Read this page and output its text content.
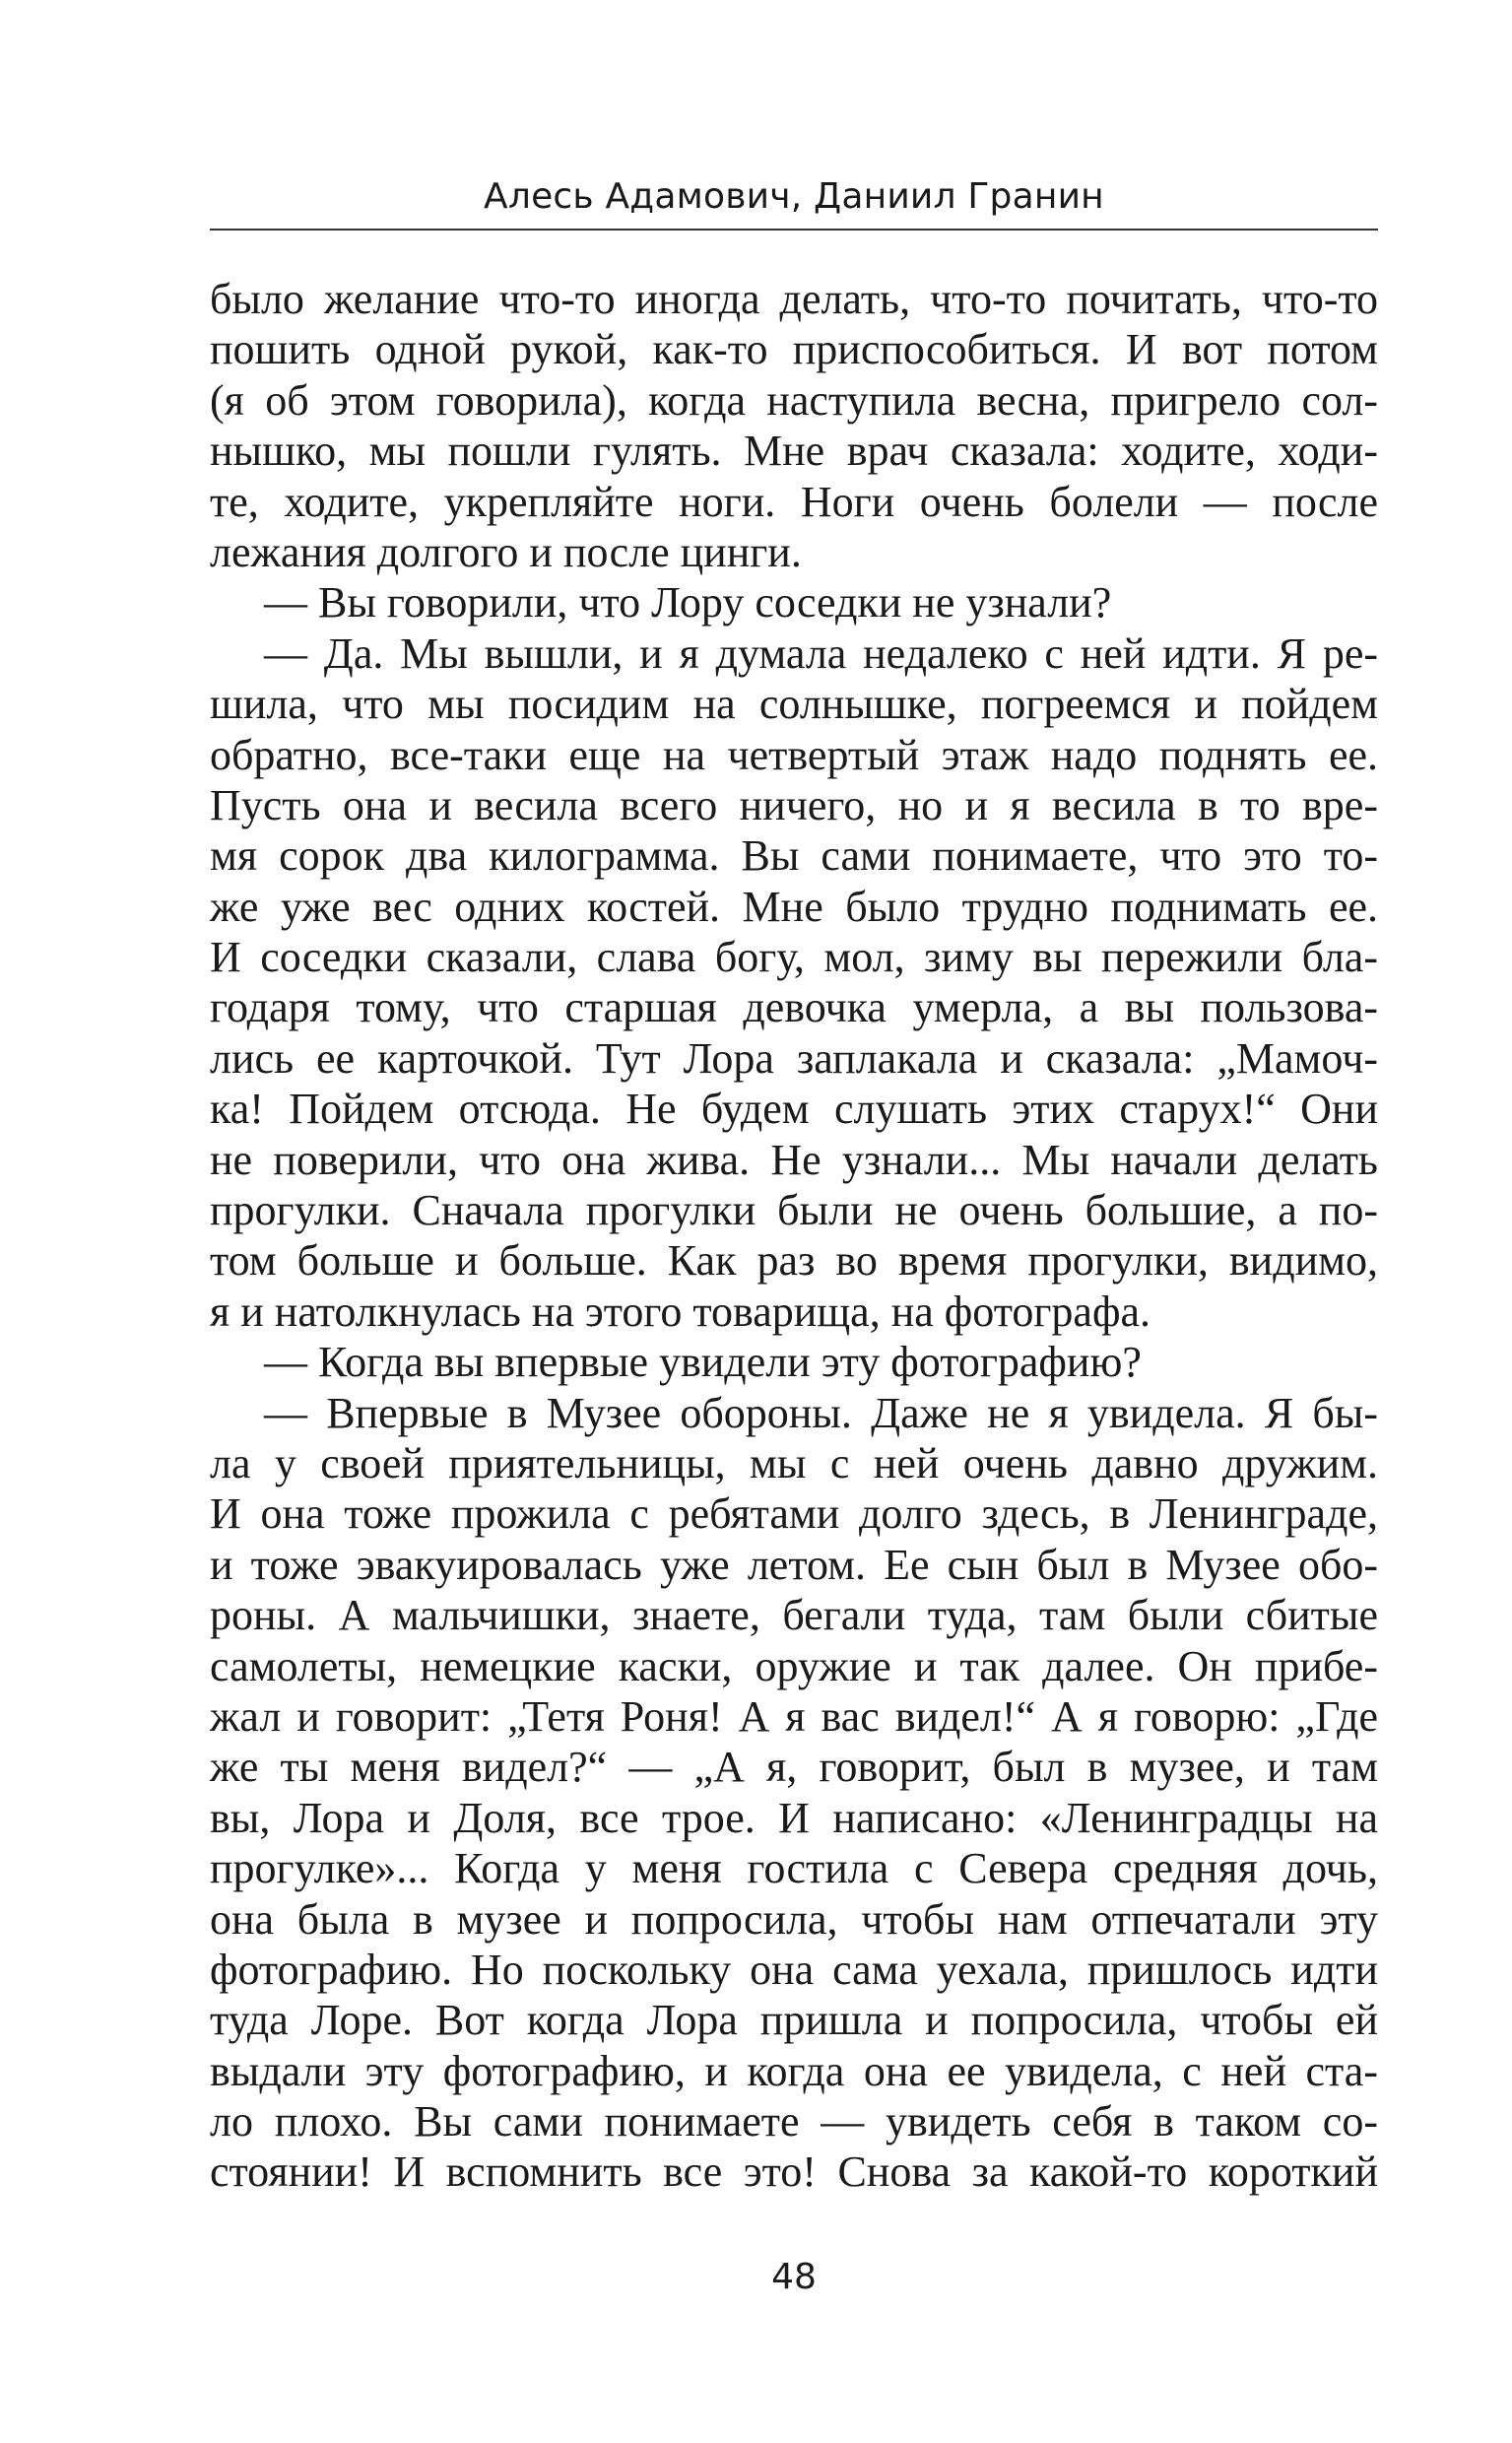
Алесь Адамович, Даниил Гранин
было желание что-то иногда делать, что-то почитать, что-то
пошить одной рукой, как-то приспособиться. И вот потом
(я об этом говорила), когда наступила весна, пригрело сол-
нышко, мы пошли гулять. Мне врач сказала: ходите, ходи-
те, ходите, укрепляйте ноги. Ноги очень болели — после
лежания долгого и после цинги.
— Вы говорили, что Лору соседки не узнали?
— Да. Мы вышли, и я думала недалеко с ней идти. Я ре-
шила, что мы посидим на солнышке, погреемся и пойдем
обратно, все-таки еще на четвертый этаж надо поднять ее.
Пусть она и весила всего ничего, но и я весила в то вре-
мя сорок два килограмма. Вы сами понимаете, что это то-
же уже вес одних костей. Мне было трудно поднимать ее.
И соседки сказали, слава богу, мол, зиму вы пережили бла-
годаря тому, что старшая девочка умерла, а вы пользова-
лись ее карточкой. Тут Лора заплакала и сказала: „Мамоч-
ка! Пойдем отсюда. Не будем слушать этих старух!“ Они
не поверили, что она жива. Не узнали... Мы начали делать
прогулки. Сначала прогулки были не очень большие, а по-
том больше и больше. Как раз во время прогулки, видимо,
я и натолкнулась на этого товарища, на фотографа.
— Когда вы впервые увидели эту фотографию?
— Впервые в Музее обороны. Даже не я увидела. Я бы-
ла у своей приятельницы, мы с ней очень давно дружим.
И она тоже прожила с ребятами долго здесь, в Ленинграде,
и тоже эвакуировалась уже летом. Ее сын был в Музее обо-
роны. А мальчишки, знаете, бегали туда, там были сбитые
самолеты, немецкие каски, оружие и так далее. Он прибе-
жал и говорит: „Тетя Роня! А я вас видел!“ А я говорю: „Где
же ты меня видел?“ — „А я, говорит, был в музее, и там
вы, Лора и Доля, все трое. И написано: «Ленинградцы на
прогулке»... Когда у меня гостила с Севера средняя дочь,
она была в музее и попросила, чтобы нам отпечатали эту
фотографию. Но поскольку она сама уехала, пришлось идти
туда Лоре. Вот когда Лора пришла и попросила, чтобы ей
выдали эту фотографию, и когда она ее увидела, с ней ста-
ло плохо. Вы сами понимаете — увидеть себя в таком со-
стоянии! И вспомнить все это! Снова за какой-то короткий
48
